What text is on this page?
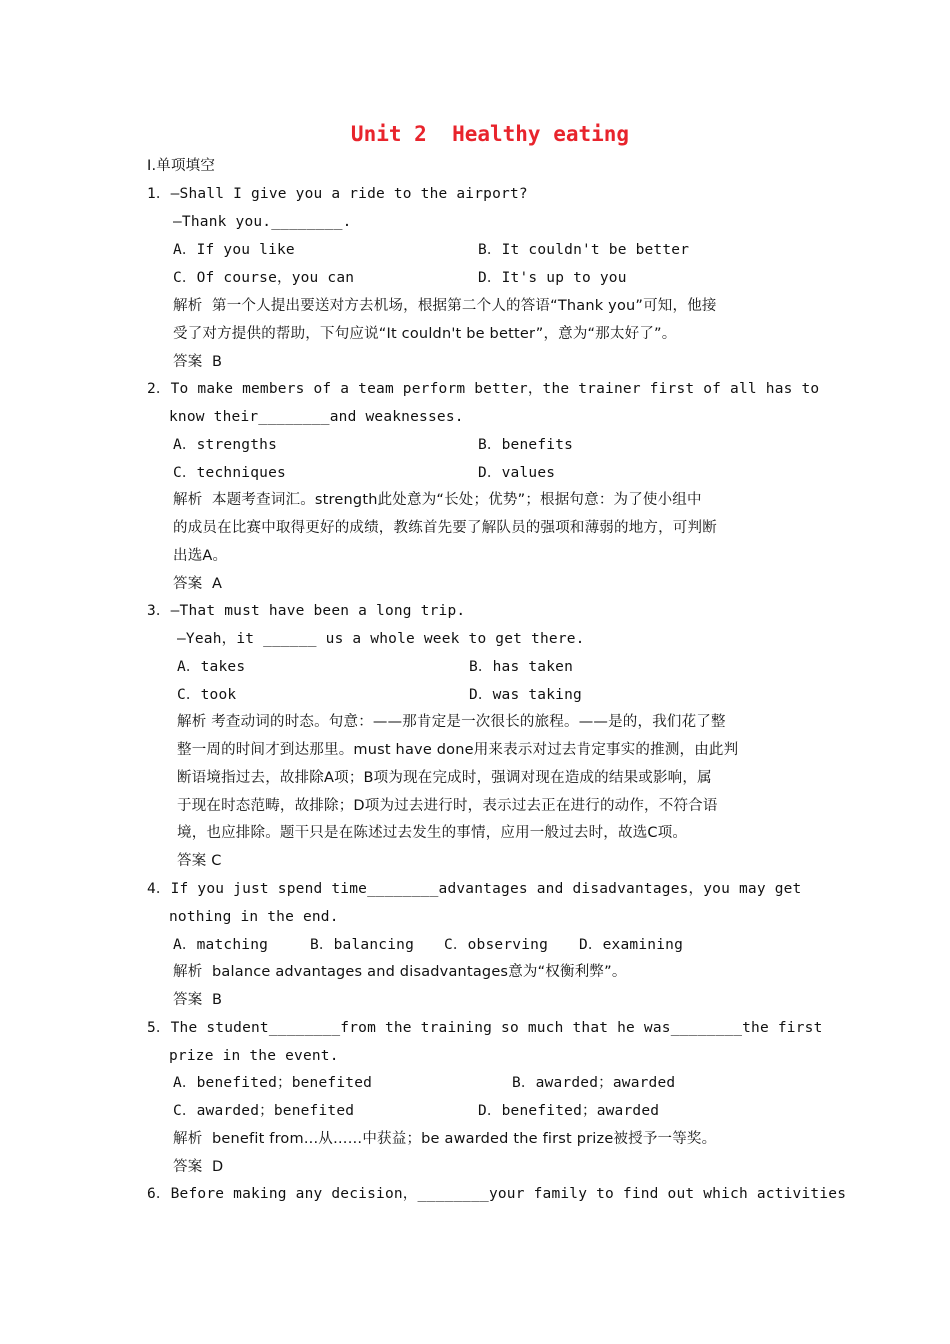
Unit 2  Healthy eating
Ⅰ.单项填空
1．—Shall I give you a ride to the airport?
—Thank you.________.
A．If you like	B．It couldn't be better
C．Of course，you can	D．It's up to you
解析  第一个人提出要送对方去机场，根据第二个人的答语“Thank you”可知，他接
受了对方提供的帮助，下句应说“It couldn't be better”，意为“那太好了”。
答案  B
2．To make members of a team perform better，the trainer first of all has to
know their________and weaknesses.
A．strengths	B．benefits
C．techniques	D．values
解析  本题考查词汇。strength此处意为“长处；优势”；根据句意：为了使小组中
的成员在比赛中取得更好的成绩，教练首先要了解队员的强项和薄弱的地方，可判断
出选A。
答案  A
3．—That must have been a long trip.
—Yeah，it ______ us a whole week to get there.
A．takes	B．has taken
C．took	D．was taking
解析 考查动词的时态。句意：——那肯定是一次很长的旅程。——是的，我们花了整
整一周的时间才到达那里。must have done用来表示对过去肯定事实的推测，由此判
断语境指过去，故排除A项；B项为现在完成时，强调对现在造成的结果或影响，属
于现在时态范畴，故排除；D项为过去进行时，表示过去正在进行的动作，不符合语
境，也应排除。题干只是在陈述过去发生的事情，应用一般过去时，故选C项。
答案 C
4．If you just spend time________advantages and disadvantages，you may get
nothing in the end.
A．matching	B．balancing C．observing D．examining
解析  balance advantages and disadvantages意为“权衡利弊”。
答案  B
5．The student________from the training so much that he was________the first
prize in the event.
A．benefited；benefited	B．awarded；awarded
C．awarded；benefited	D．benefited；awarded
解析  benefit from...从……中获益；be awarded the first prize被授予一等奖。
答案  D
6．Before making any decision，________your family to find out which activities
